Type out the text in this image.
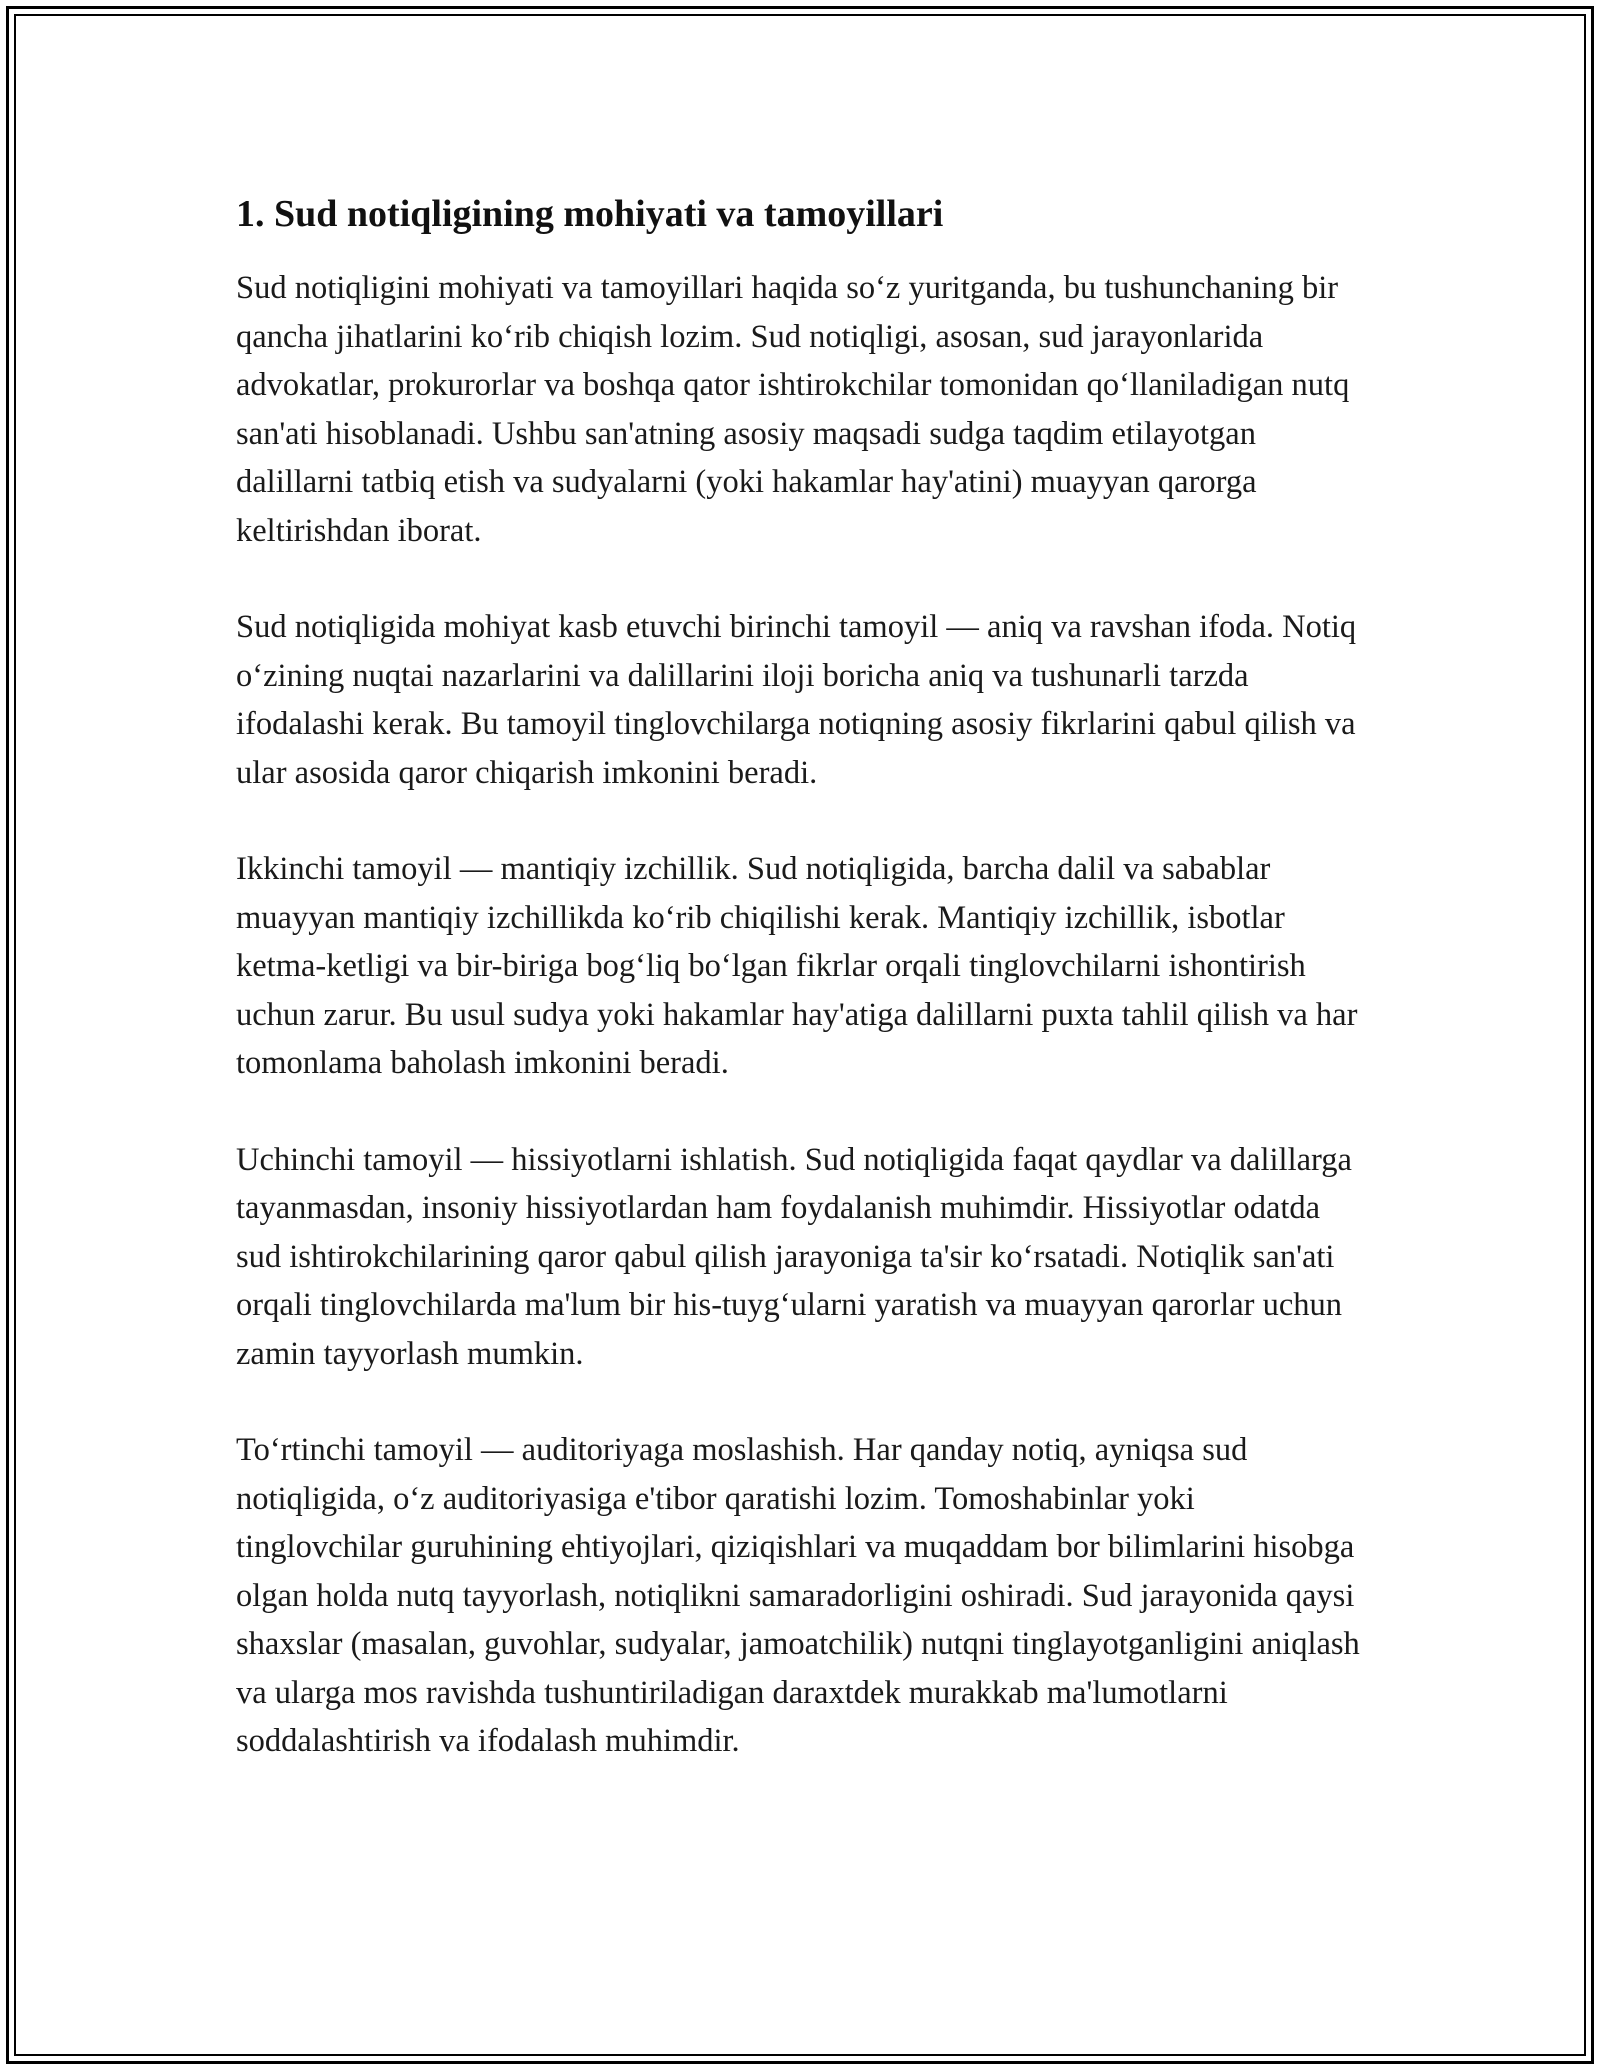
1. Sud notiqligining mohiyati va tamoyillari

Sud notiqligini mohiyati va tamoyillari haqida so‘z yuritganda, bu tushunchaning bir qancha jihatlarini ko‘rib chiqish lozim. Sud notiqligi, asosan, sud jarayonlarida advokatlar, prokurorlar va boshqa qator ishtirokchilar tomonidan qo‘llaniladigan nutq san'ati hisoblanadi. Ushbu san'atning asosiy maqsadi sudga taqdim etilayotgan dalillarni tatbiq etish va sudyalarni (yoki hakamlar hay'atini) muayyan qarorga keltirishdan iborat.

Sud notiqligida mohiyat kasb etuvchi birinchi tamoyil — aniq va ravshan ifoda. Notiq o‘zining nuqtai nazarlarini va dalillarini iloji boricha aniq va tushunarli tarzda ifodalashi kerak. Bu tamoyil tinglovchilarga notiqning asosiy fikrlarini qabul qilish va ular asosida qaror chiqarish imkonini beradi.

Ikkinchi tamoyil — mantiqiy izchillik. Sud notiqligida, barcha dalil va sabablar muayyan mantiqiy izchillikda ko‘rib chiqilishi kerak. Mantiqiy izchillik, isbotlar ketma-ketligi va bir-biriga bog‘liq bo‘lgan fikrlar orqali tinglovchilarni ishontirish uchun zarur. Bu usul sudya yoki hakamlar hay'atiga dalillarni puxta tahlil qilish va har tomonlama baholash imkonini beradi.

Uchinchi tamoyil — hissiyotlarni ishlatish. Sud notiqligida faqat qaydlar va dalillarga tayanmasdan, insoniy hissiyotlardan ham foydalanish muhimdir. Hissiyotlar odatda sud ishtirokchilarining qaror qabul qilish jarayoniga ta'sir ko‘rsatadi. Notiqlik san'ati orqali tinglovchilarda ma'lum bir his-tuyg‘ularni yaratish va muayyan qarorlar uchun zamin tayyorlash mumkin.

To‘rtinchi tamoyil — auditoriyaga moslashish. Har qanday notiq, ayniqsa sud notiqligida, o‘z auditoriyasiga e'tibor qaratishi lozim. Tomoshabinlar yoki tinglovchilar guruhining ehtiyojlari, qiziqishlari va muqaddam bor bilimlarini hisobga olgan holda nutq tayyorlash, notiqlikni samaradorligini oshiradi. Sud jarayonida qaysi shaxslar (masalan, guvohlar, sudyalar, jamoatchilik) nutqni tinglayotganligini aniqlash va ularga mos ravishda tushuntiriladigan daraxtdek murakkab ma'lumotlarni soddalashtirish va ifodalash muhimdir.
